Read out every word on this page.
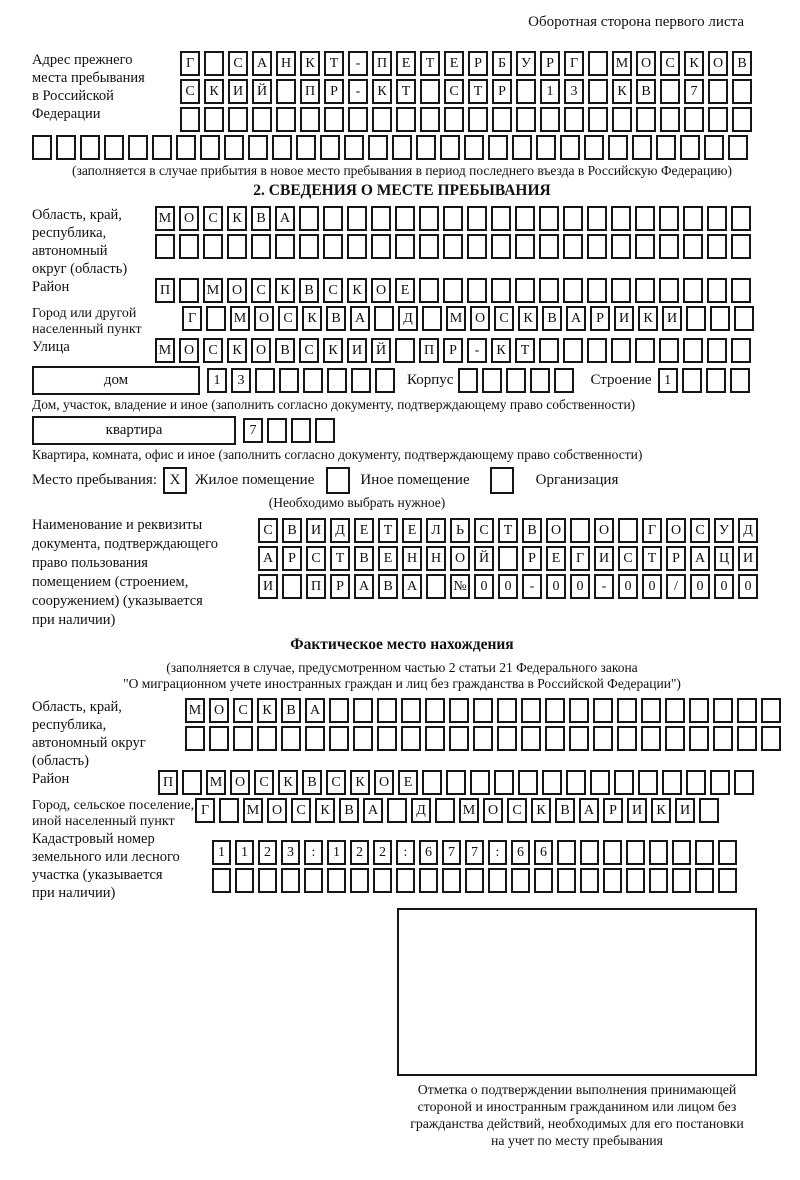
Оборотная сторона первого листа
Адрес прежнего
места пребывания
в Российской
Федерации
Г	С	А Н	К	Т	-	П	Е	Т	Е	Р	Б	У	Р	Г	М О	С	К	О	В
С	К	И Й	П	Р	-	К	Т	С	Т	Р	1	3	К	В	7
(заполняется в случае прибытия в новое место пребывания в период последнего въезда в Российскую Федерацию)
2. СВЕДЕНИЯ О МЕСТЕ ПРЕБЫВАНИЯ
Область, край,
республика,
автономный
округ (область)
М О	С	К	В	А
Район	П	М О	С	К	В	С	К	О	Е
Город или другой
населенный пункт
Г	М О	С	К	В	А	Д	М О	С	К	В	А	Р	И	К	И
Улица	М О	С	К	О	В	С	К	И Й	П	Р	-	К	Т
дом	1	3	Корпус	Строение 1
Дом, участок, владение и иное (заполнить согласно документу, подтверждающему право собственности)
квартира	7
Квартира, комната, офис и иное (заполнить согласно документу, подтверждающему право собственности)
Место пребывания: X Жилое помещение	Иное помещение	Организация
(Необходимо выбрать нужное)
Наименование и реквизиты
документа, подтверждающего
право пользования
помещением (строением,
сооружением) (указывается
при наличии)
С	В	И	Д	Е	Т	Е	Л	Ь	С	Т	В	О	О	Г	О	С	У	Д
А	Р	С	Т	В	Е	Н Н О Й	Р	Е	Г	И	С	Т	Р	А Ц И
И	П	Р	А	В	А	№ 0	0	-	0	0	-	0	0	/	0	0	0
Фактическое место нахождения
(заполняется в случае, предусмотренном частью 2 статьи 21 Федерального закона
"О миграционном учете иностранных граждан и лиц без гражданства в Российской Федерации")
Область, край,
республика,
автономный округ
(область)
М О	С	К	В	А
Район	П	М О	С	К	В	С	К	О	Е
Город, сельское поселение,
иной населенный пункт
Г	М О	С	К	В	А	Д	М О	С	К	В	А	Р	И	К	И
Кадастровый номер
земельного или лесного
участка (указывается
при наличии)
1	1	2	3	:	1	2	2	:	6	7	7	:	6	6
Отметка о подтверждении выполнения принимающей
стороной и иностранным гражданином или лицом без
гражданства действий, необходимых для его постановки
на учет по месту пребывания
